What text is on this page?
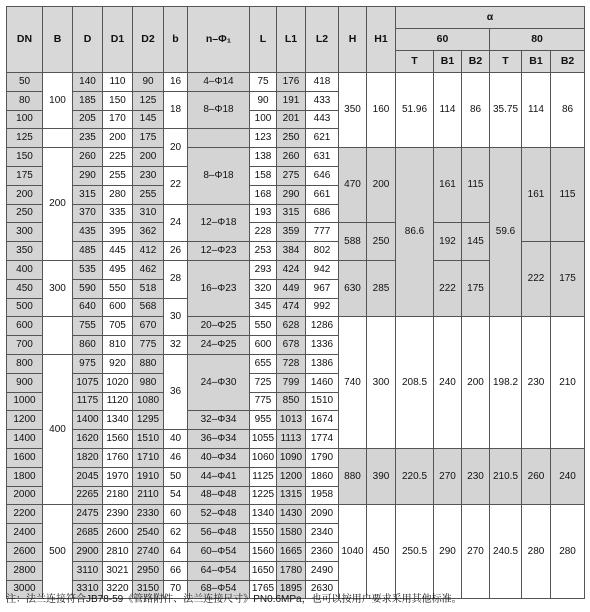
DN	B	D	D1	D2	b	n–Φ₁	L	L1	L2	H	H1	α					
												60			80		
												T	B1	B2	T	B1	B2
50	100	140	110	90	16	4–Φ14	75	176	418	350	160	51.96	114	86	35.75	114	86
80		185	150	125	18	8–Φ18	90	191	433								
100		205	170	145			100	201	443								
125		235	200	175	20		123	250	621								
150	200	260	225	200		8–Φ18	138	260	631	470	200	86.6	161	115	59.6	161	115
175		290	255	230	22		158	275	646								
200		315	280	255			168	290	661								
250		370	335	310	24	12–Φ18	193	315	686								
300		435	395	362			228	359	777	588	250		192	145			
350		485	445	412	26	12–Φ23	253	384	802							222	175
400	300	535	495	462	28	16–Φ23	293	424	942	630	285		222	175			
450		590	550	518			320	449	967								
500		640	600	568	30		345	474	992								
600		755	705	670		20–Φ25	550	628	1286	740	300	208.5	240	200	198.2	230	210
700		860	810	775	32	24–Φ25	600	678	1336								
800	400	975	920	880	36	24–Φ30	655	728	1386								
900		1075	1020	980			725	799	1460								
1000		1175	1120	1080			775	850	1510								
1200		1400	1340	1295		32–Φ34	955	1013	1674								
1400		1620	1560	1510	40	36–Φ34	1055	1113	1774								
1600		1820	1760	1710	46	40–Φ34	1060	1090	1790	880	390	220.5	270	230	210.5	260	240
1800		2045	1970	1910	50	44–Φ41	1125	1200	1860								
2000		2265	2180	2110	54	48–Φ48	1225	1315	1958								
2200	500	2475	2390	2330	60	52–Φ48	1340	1430	2090	1040	450	250.5	290	270	240.5	280	280
2400		2685	2600	2540	62	56–Φ48	1550	1580	2340								
2600		2900	2810	2740	64	60–Φ54	1560	1665	2360								
2800		3110	3021	2950	66	64–Φ54	1650	1780	2490								
3000		3310	3220	3150	70	68–Φ54	1765	1895	2630								
注：法兰连接符合JB78-59《管路附件、法兰连接尺寸》PN0.6MPa，也可以按用户要求采用其他标准。
